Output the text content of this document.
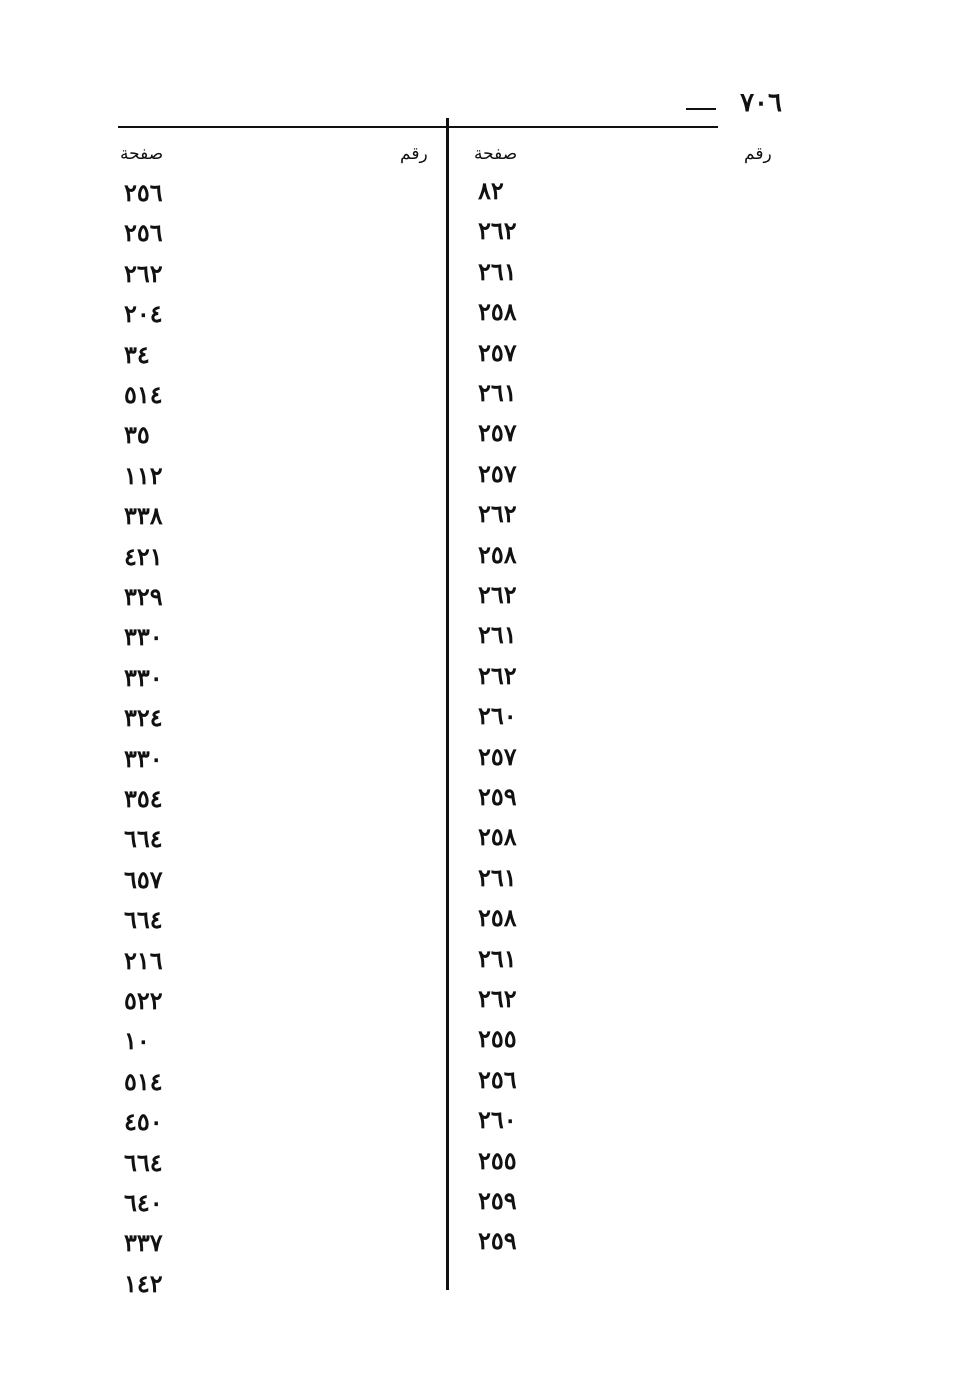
٧٠٦
رقم
صفحة
رقم
صفحة
٨٢
٢٦٢
٢٦١
٢٥٨
٢٥٧
٢٦١
٢٥٧
٢٥٧
٢٦٢
٢٥٨
٢٦٢
٢٦١
٢٦٢
٢٦٠
٢٥٧
٢٥٩
٢٥٨
٢٦١
٢٥٨
٢٦١
٢٦٢
٢٥٥
٢٥٦
٢٦٠
٢٥٥
٢٥٩
٢٥٩
٢٥٦
٢٥٦
٢٦٢
٢٠٤
٣٤
٥١٤
٣٥
١١٢
٣٣٨
٤٢١
٣٢٩
٣٣٠
٣٣٠
٣٢٤
٣٣٠
٣٥٤
٦٦٤
٦٥٧
٦٦٤
٢١٦
٥٢٢
١٠
٥١٤
٤٥٠
٦٦٤
٦٤٠
٣٣٧
١٤٢
